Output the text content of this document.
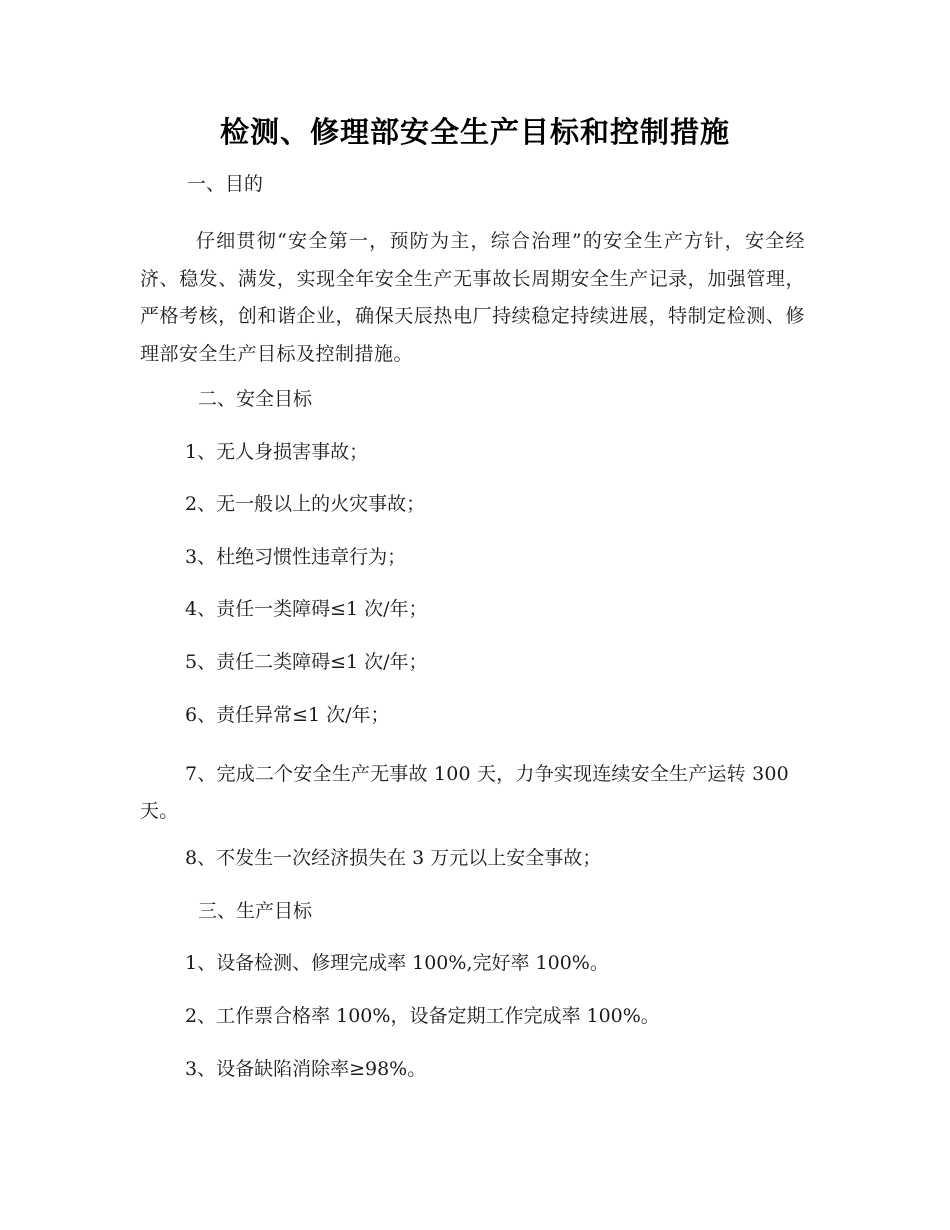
检测、修理部安全生产目标和控制措施
一、目的
仔细贯彻“安全第一，预防为主，综合治理”的安全生产方针，安全经济、稳发、满发，实现全年安全生产无事故长周期安全生产记录，加强管理，严格考核，创和谐企业，确保天辰热电厂持续稳定持续进展，特制定检测、修理部安全生产目标及控制措施。
二、安全目标
1、无人身损害事故；
2、无一般以上的火灾事故；
3、杜绝习惯性违章行为；
4、责任一类障碍≤1 次/年；
5、责任二类障碍≤1 次/年；
6、责任异常≤1 次/年；
7、完成二个安全生产无事故 100 天，力争实现连续安全生产运转 300 天。
8、不发生一次经济损失在 3 万元以上安全事故；
三、生产目标
1、设备检测、修理完成率 100%,完好率 100%。
2、工作票合格率 100%，设备定期工作完成率 100%。
3、设备缺陷消除率≥98%。
